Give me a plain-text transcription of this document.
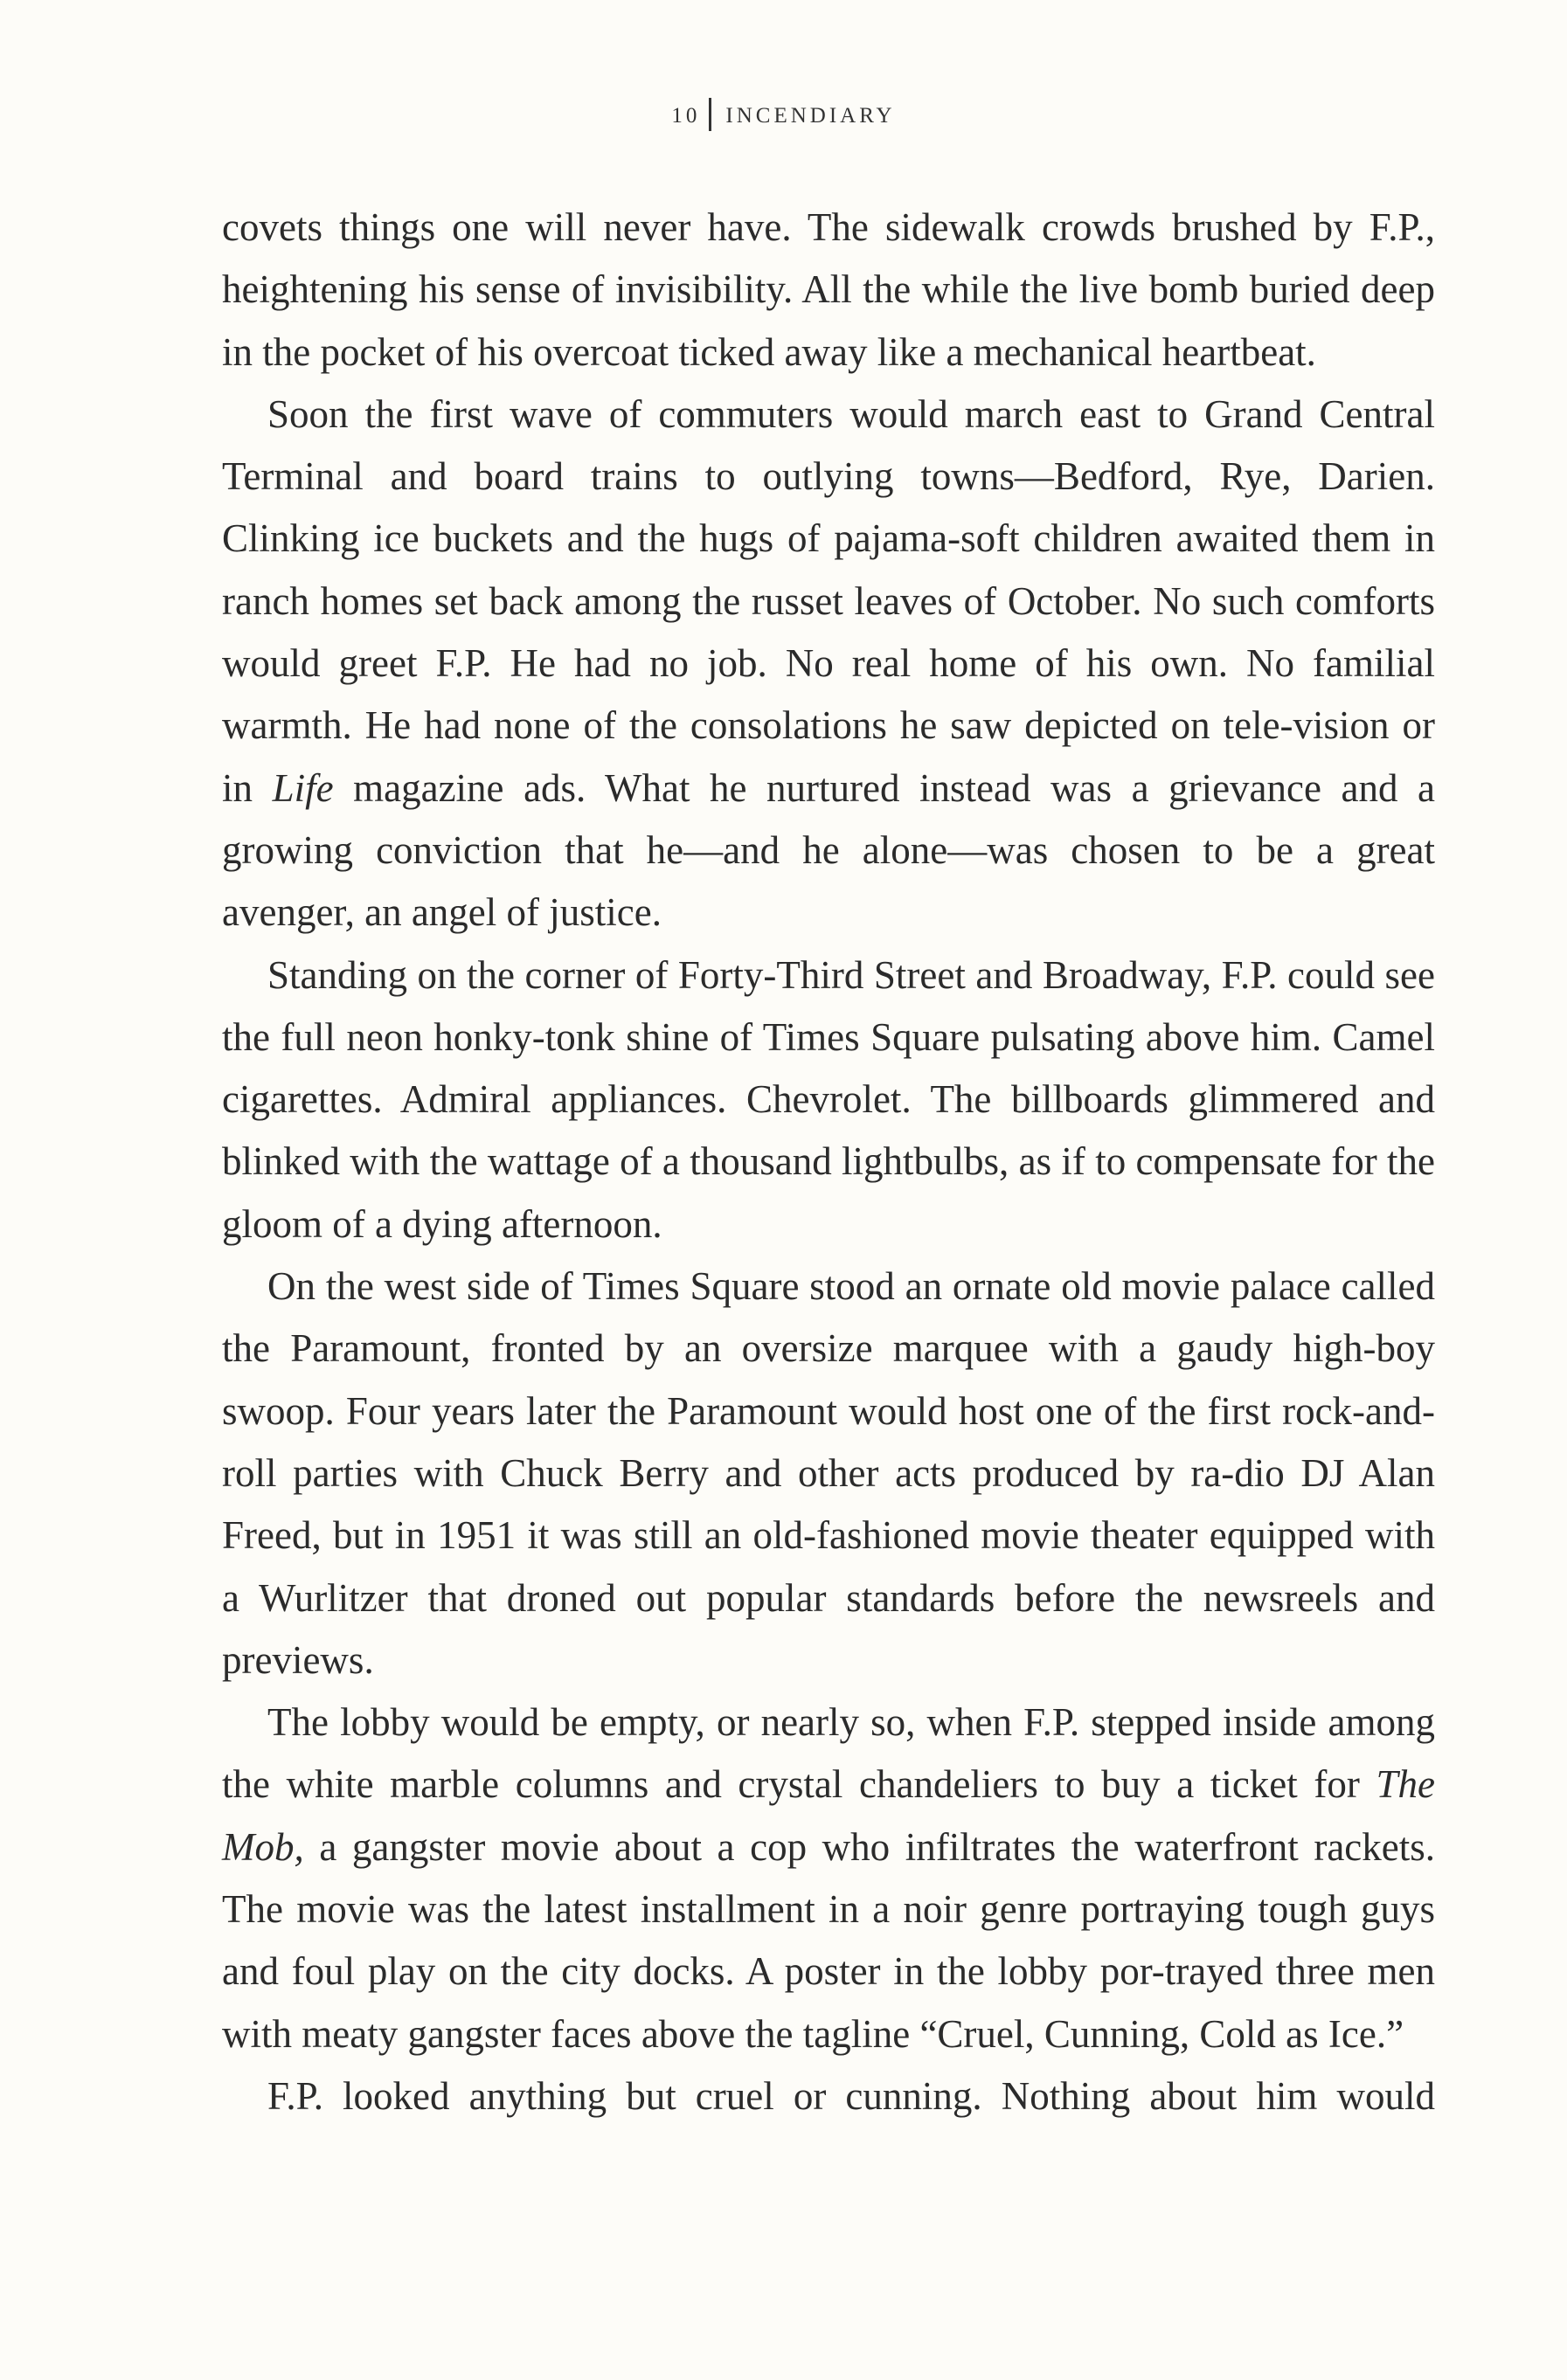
10 INCENDIARY

covets things one will never have. The sidewalk crowds brushed by F.P., heightening his sense of invisibility. All the while the live bomb buried deep in the pocket of his overcoat ticked away like a mechanical heartbeat.

Soon the first wave of commuters would march east to Grand Central Terminal and board trains to outlying towns—Bedford, Rye, Darien. Clinking ice buckets and the hugs of pajama-soft children awaited them in ranch homes set back among the russet leaves of October. No such comforts would greet F.P. He had no job. No real home of his own. No familial warmth. He had none of the consolations he saw depicted on tele-vision or in Life magazine ads. What he nurtured instead was a grievance and a growing conviction that he—and he alone—was chosen to be a great avenger, an angel of justice.

Standing on the corner of Forty-Third Street and Broadway, F.P. could see the full neon honky-tonk shine of Times Square pulsating above him. Camel cigarettes. Admiral appliances. Chevrolet. The billboards glimmered and blinked with the wattage of a thousand lightbulbs, as if to compensate for the gloom of a dying afternoon.

On the west side of Times Square stood an ornate old movie palace called the Paramount, fronted by an oversize marquee with a gaudy high-boy swoop. Four years later the Paramount would host one of the first rock-and-roll parties with Chuck Berry and other acts produced by ra-dio DJ Alan Freed, but in 1951 it was still an old-fashioned movie theater equipped with a Wurlitzer that droned out popular standards before the newsreels and previews.

The lobby would be empty, or nearly so, when F.P. stepped inside among the white marble columns and crystal chandeliers to buy a ticket for The Mob, a gangster movie about a cop who infiltrates the waterfront rackets. The movie was the latest installment in a noir genre portraying tough guys and foul play on the city docks. A poster in the lobby por-trayed three men with meaty gangster faces above the tagline “Cruel, Cunning, Cold as Ice.”

F.P. looked anything but cruel or cunning. Nothing about him would
